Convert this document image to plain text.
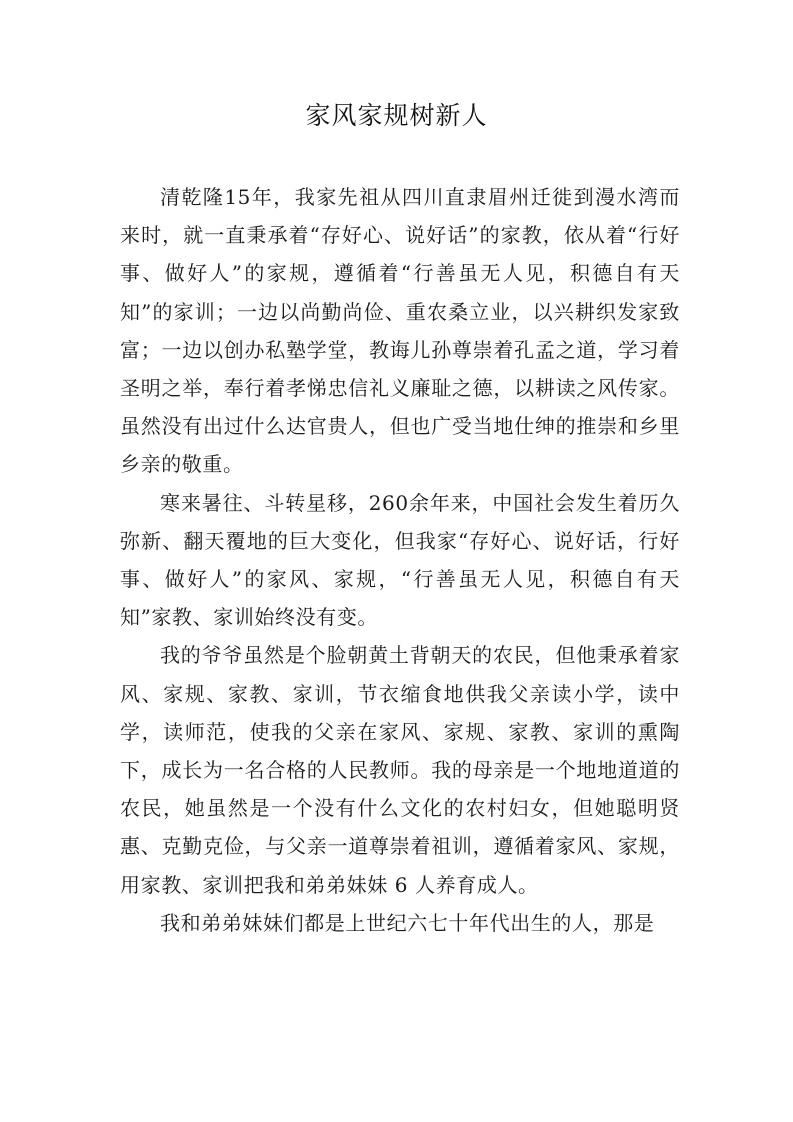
家风家规树新人

清乾隆15年，我家先祖从四川直隶眉州迁徙到漫水湾而来时，就一直秉承着“存好心、说好话”的家教，依从着“行好事、做好人”的家规，遵循着“行善虽无人见，积德自有天知”的家训；一边以尚勤尚俭、重农桑立业，以兴耕织发家致富；一边以创办私塾学堂，教诲儿孙尊崇着孔孟之道，学习着圣明之举，奉行着孝悌忠信礼义廉耻之德，以耕读之风传家。虽然没有出过什么达官贵人，但也广受当地仕绅的推崇和乡里乡亲的敬重。

寒来暑往、斗转星移，260余年来，中国社会发生着历久弥新、翻天覆地的巨大变化，但我家“存好心、说好话，行好事、做好人”的家风、家规，“行善虽无人见，积德自有天知”家教、家训始终没有变。

我的爷爷虽然是个脸朝黄土背朝天的农民，但他秉承着家风、家规、家教、家训，节衣缩食地供我父亲读小学，读中学，读师范，使我的父亲在家风、家规、家教、家训的熏陶下，成长为一名合格的人民教师。我的母亲是一个地地道道的农民，她虽然是一个没有什么文化的农村妇女，但她聪明贤惠、克勤克俭，与父亲一道尊崇着祖训，遵循着家风、家规，用家教、家训把我和弟弟妹妹 6 人养育成人。

我和弟弟妹妹们都是上世纪六七十年代出生的人，那是
